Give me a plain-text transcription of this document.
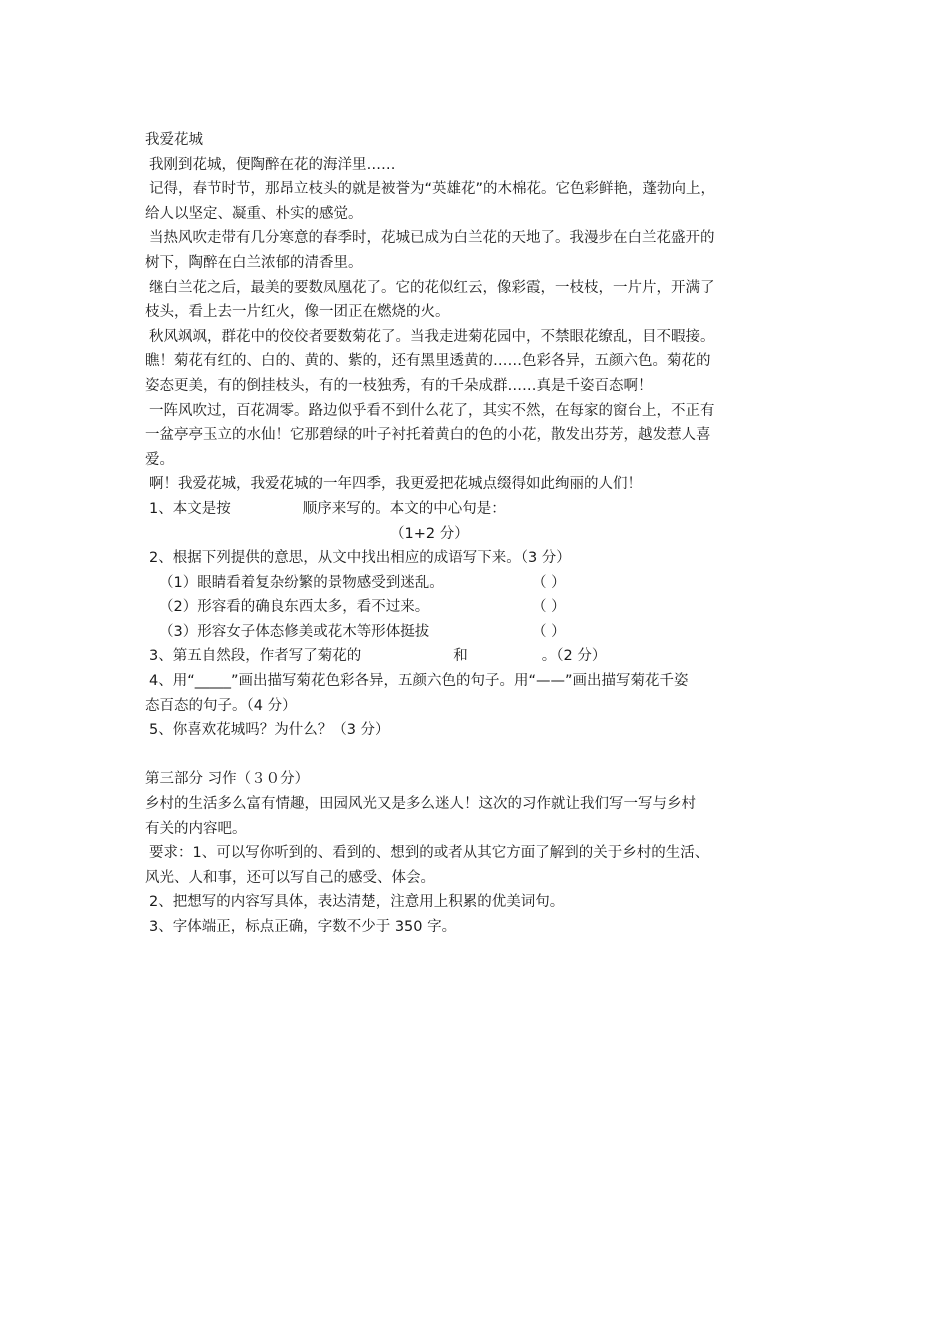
我爱花城
我刚到花城，便陶醉在花的海洋里……
记得，春节时节，那昂立枝头的就是被誉为“英雄花”的木棉花。它色彩鲜艳，蓬勃向上，
给人以坚定、凝重、朴实的感觉。
当热风吹走带有几分寒意的春季时，花城已成为白兰花的天地了。我漫步在白兰花盛开的
树下，陶醉在白兰浓郁的清香里。
继白兰花之后，最美的要数凤凰花了。它的花似红云，像彩霞，一枝枝，一片片，开满了
枝头，看上去一片红火，像一团正在燃烧的火。
秋风飒飒，群花中的佼佼者要数菊花了。当我走进菊花园中，不禁眼花缭乱，目不暇接。
瞧！菊花有红的、白的、黄的、紫的，还有黑里透黄的……色彩各异，五颜六色。菊花的
姿态更美，有的倒挂枝头，有的一枝独秀，有的千朵成群……真是千姿百态啊！
一阵风吹过，百花凋零。路边似乎看不到什么花了，其实不然，在每家的窗台上，不正有
一盆亭亭玉立的水仙！它那碧绿的叶子衬托着黄白的色的小花，散发出芬芳，越发惹人喜
爱。
啊！我爱花城，我爱花城的一年四季，我更爱把花城点缀得如此绚丽的人们！
1、本文是按	顺序来写的。本文的中心句是：
（1+2 分）
2、根据下列提供的意思，从文中找出相应的成语写下来。（3 分）
（1）眼睛看着复杂纷繁的景物感受到迷乱。	（ ）
（2）形容看的确良东西太多，看不过来。	（ ）
（3）形容女子体态修美或花木等形体挺拔	（ ）
3、第五自然段，作者写了菊花的	和	。（2 分）
4、用“_____”画出描写菊花色彩各异，五颜六色的句子。用“——”画出描写菊花千姿
态百态的句子。（4 分）
5、你喜欢花城吗？为什么？（3 分）
第三部分 习作（３０分）
乡村的生活多么富有情趣，田园风光又是多么迷人！这次的习作就让我们写一写与乡村
有关的内容吧。
要求：1、可以写你听到的、看到的、想到的或者从其它方面了解到的关于乡村的生活、
风光、人和事，还可以写自己的感受、体会。
2、把想写的内容写具体，表达清楚，注意用上积累的优美词句。
3、字体端正，标点正确，字数不少于 350 字。
